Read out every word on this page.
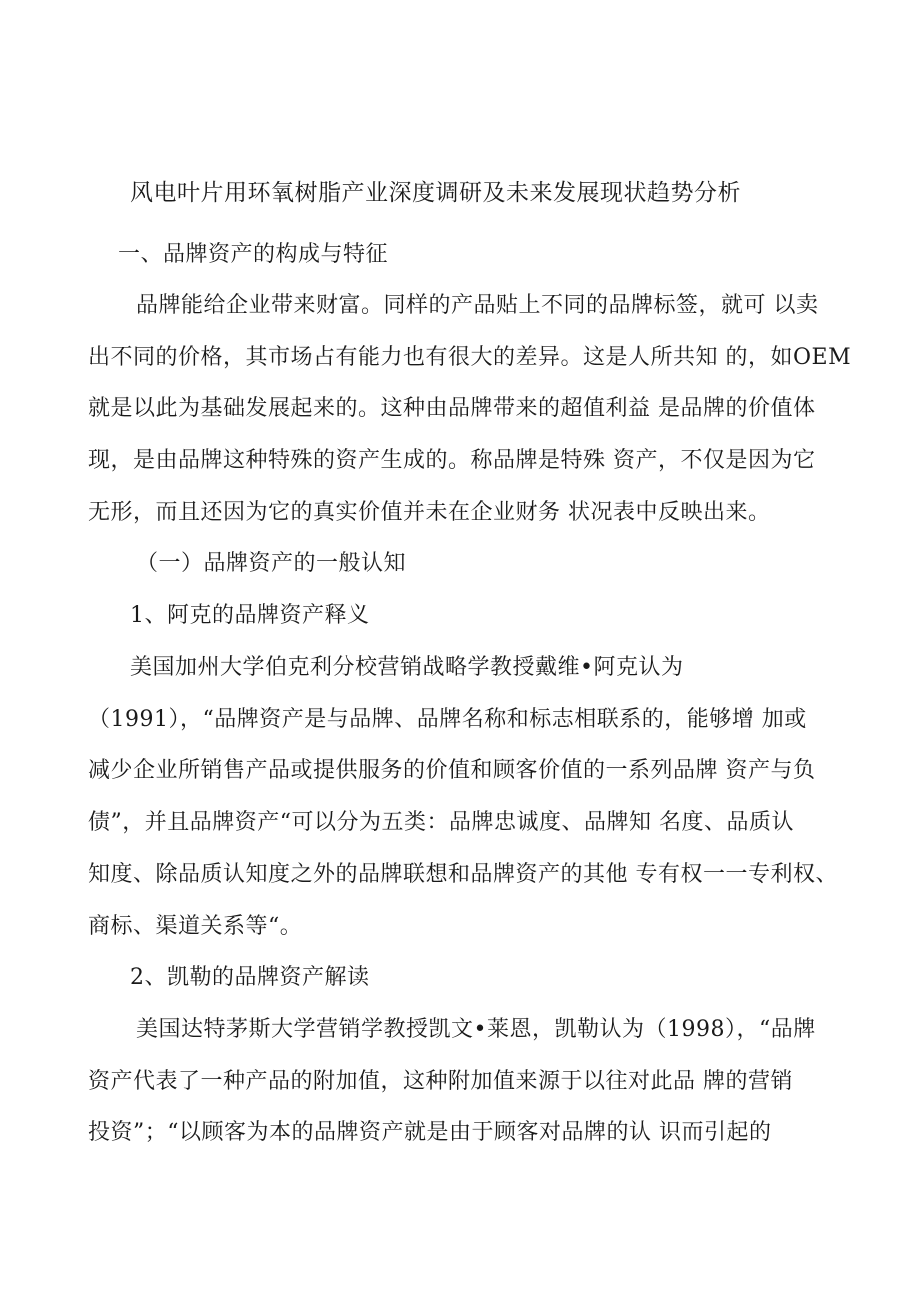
风电叶片用环氧树脂产业深度调研及未来发展现状趋势分析
一、品牌资产的构成与特征
品牌能给企业带来财富。同样的产品贴上不同的品牌标签，就可 以卖
出不同的价格，其市场占有能力也有很大的差异。这是人所共知 的，如OEM
就是以此为基础发展起来的。这种由品牌带来的超值利益 是品牌的价值体
现，是由品牌这种特殊的资产生成的。称品牌是特殊 资产，不仅是因为它
无形，而且还因为它的真实价值并未在企业财务 状况表中反映出来。
（一）品牌资产的一般认知
1、阿克的品牌资产释义
美国加州大学伯克利分校营销战略学教授戴维•阿克认为
（1991），“品牌资产是与品牌、品牌名称和标志相联系的，能够增 加或
减少企业所销售产品或提供服务的价值和顾客价值的一系列品牌 资产与负
债”，并且品牌资产“可以分为五类：品牌忠诚度、品牌知 名度、品质认
知度、除品质认知度之外的品牌联想和品牌资产的其他 专有权一一专利权、
商标、渠道关系等“。
2、凯勒的品牌资产解读
美国达特茅斯大学营销学教授凯文•莱恩，凯勒认为（1998），“品牌
资产代表了一种产品的附加值，这种附加值来源于以往对此品 牌的营销
投资”；“以顾客为本的品牌资产就是由于顾客对品牌的认 识而引起的
